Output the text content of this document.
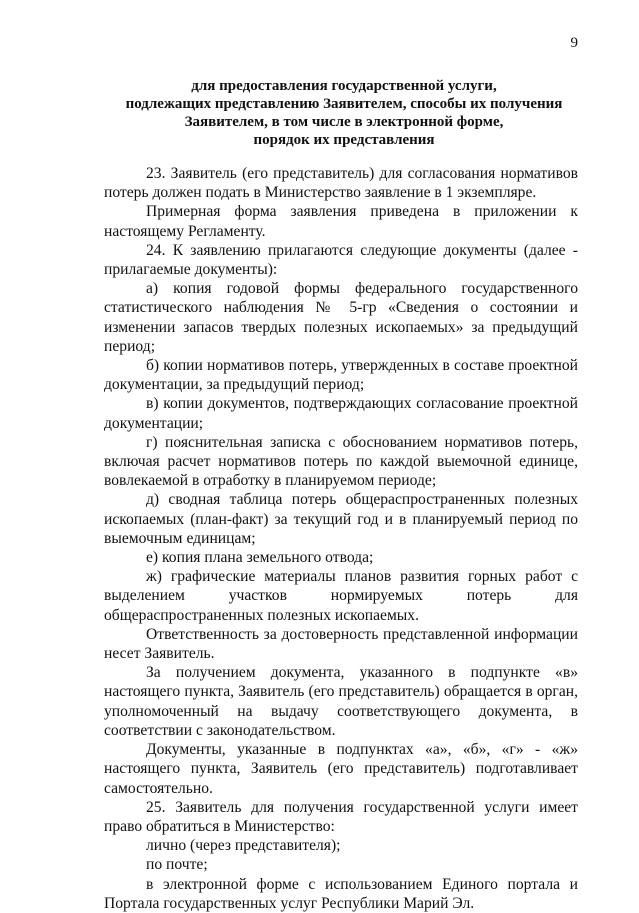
9
для предоставления государственной услуги,
подлежащих представлению Заявителем, способы их получения
Заявителем, в том числе в электронной форме,
порядок их представления

23. Заявитель (его представитель) для согласования нормативов потерь должен подать в Министерство заявление в 1 экземпляре.

Примерная форма заявления приведена в приложении к настоящему Регламенту.

24. К заявлению прилагаются следующие документы (далее - прилагаемые документы):

а) копия годовой формы федерального государственного статистического наблюдения № 5-гр «Сведения о состоянии и изменении запасов твердых полезных ископаемых» за предыдущий период;

б) копии нормативов потерь, утвержденных в составе проектной документации, за предыдущий период;

в) копии документов, подтверждающих согласование проектной документации;

г) пояснительная записка с обоснованием нормативов потерь, включая расчет нормативов потерь по каждой выемочной единице, вовлекаемой в отработку в планируемом периоде;

д) сводная таблица потерь общераспространенных полезных ископаемых (план-факт) за текущий год и в планируемый период по выемочным единицам;

е) копия плана земельного отвода;

ж) графические материалы планов развития горных работ с выделением участков нормируемых потерь для общераспространенных полезных ископаемых.

Ответственность за достоверность представленной информации несет Заявитель.

За получением документа, указанного в подпункте «в» настоящего пункта, Заявитель (его представитель) обращается в орган, уполномоченный на выдачу соответствующего документа, в соответствии с законодательством.

Документы, указанные в подпунктах «а», «б», «г» - «ж» настоящего пункта, Заявитель (его представитель) подготавливает самостоятельно.

25. Заявитель для получения государственной услуги имеет право обратиться в Министерство:

лично (через представителя);

по почте;

в электронной форме с использованием Единого портала и Портала государственных услуг Республики Марий Эл.
